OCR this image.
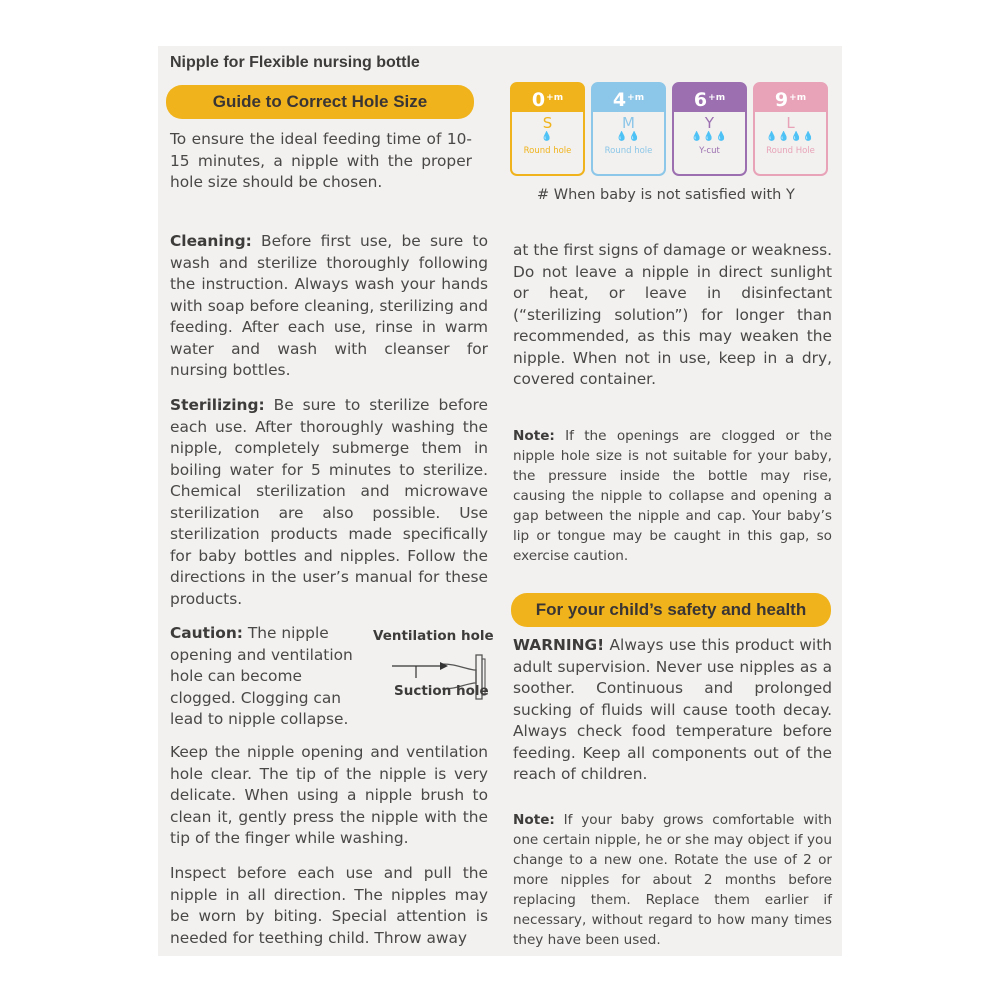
Nipple for Flexible nursing bottle
Guide to Correct Hole Size

To ensure the ideal feeding time of 10-15 minutes, a nipple with the proper hole size should be chosen.

$0^{+m}$
S
💧
Round hole
$4^{+m}$
M
💧💧
Round hole
$6^{+m}$
Y
💧💧💧
Y-cut
$9^{+m}$
L
💧💧💧💧
Round Hole
# When baby is not satisfied with Y

Cleaning: Before first use, be sure to wash and sterilize thoroughly following the instruction. Always wash your hands with soap before cleaning, sterilizing and feeding. After each use, rinse in warm water and wash with cleanser for nursing bottles.

Sterilizing: Be sure to sterilize before each use. After thoroughly washing the nipple, completely submerge them in boiling water for 5 minutes to sterilize. Chemical sterilization and microwave sterilization are also possible. Use sterilization products made specifically for baby bottles and nipples. Follow the directions in the user’s manual for these products.

Caution: The nipple opening and ventilation hole can become clogged. Clogging can lead to nipple collapse.

Ventilation hole
Suction hole

Keep the nipple opening and ventilation hole clear. The tip of the nipple is very delicate. When using a nipple brush to clean it, gently press the nipple with the tip of the finger while washing.

Inspect before each use and pull the nipple in all direction. The nipples may be worn by biting. Special attention is needed for teething child. Throw away

at the first signs of damage or weakness. Do not leave a nipple in direct sunlight or heat, or leave in disinfectant (“sterilizing solution”) for longer than recommended, as this may weaken the nipple. When not in use, keep in a dry, covered container.

Note: If the openings are clogged or the nipple hole size is not suitable for your baby, the pressure inside the bottle may rise, causing the nipple to collapse and opening a gap between the nipple and cap. Your baby’s lip or tongue may be caught in this gap, so exercise caution.

For your child’s safety and health

WARNING! Always use this product with adult supervision. Never use nipples as a soother. Continuous and prolonged sucking of fluids will cause tooth decay. Always check food temperature before feeding. Keep all components out of the reach of children.

Note: If your baby grows comfortable with one certain nipple, he or she may object if you change to a new one. Rotate the use of 2 or more nipples for about 2 months before replacing them. Replace them earlier if necessary, without regard to how many times they have been used.
